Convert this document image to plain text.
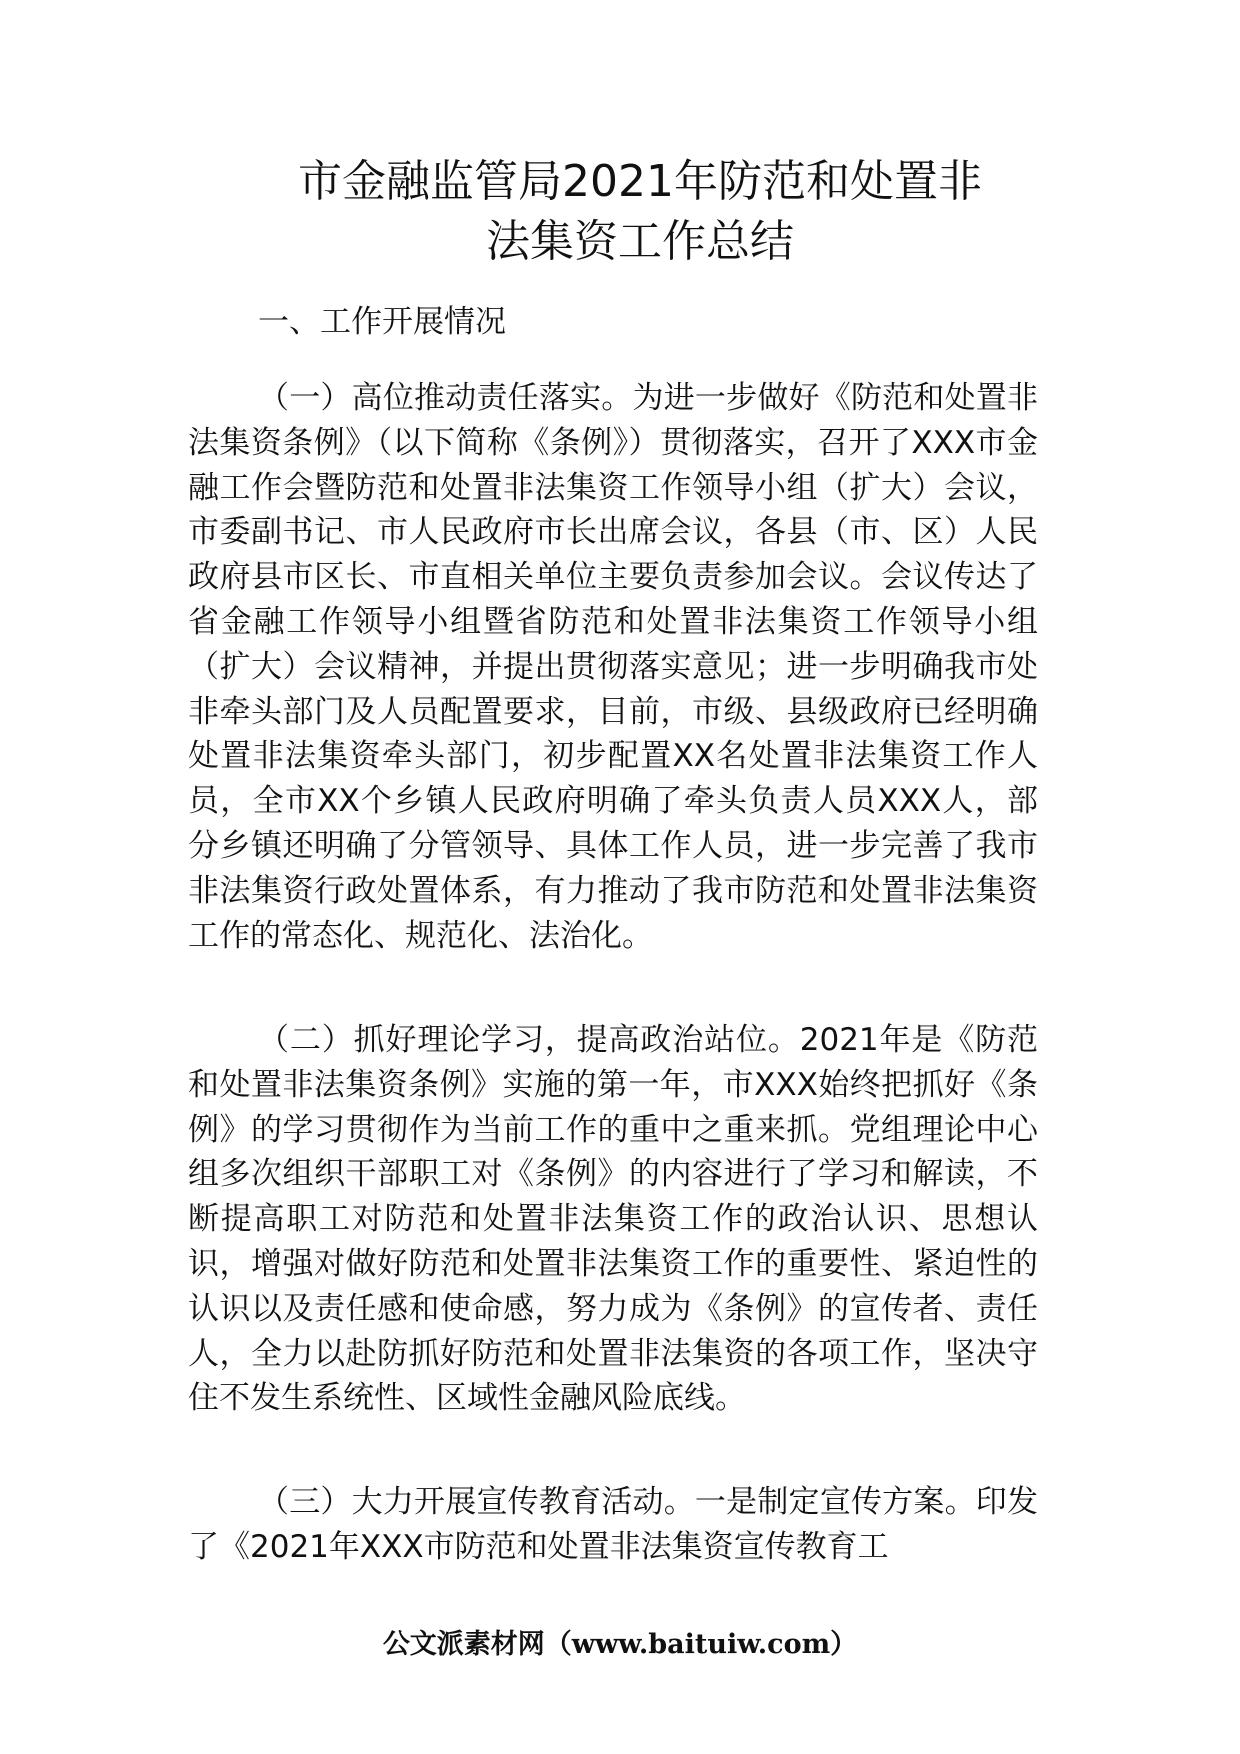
市金融监管局2021年防范和处置非
法集资工作总结

一、工作开展情况

（一）高位推动责任落实。为进一步做好《防范和处置非法集资条例》（以下简称《条例》）贯彻落实，召开了XXX市金融工作会暨防范和处置非法集资工作领导小组（扩大）会议，市委副书记、市人民政府市长出席会议，各县（市、区）人民政府县市区长、市直相关单位主要负责参加会议。会议传达了省金融工作领导小组暨省防范和处置非法集资工作领导小组（扩大）会议精神，并提出贯彻落实意见；进一步明确我市处非牵头部门及人员配置要求，目前，市级、县级政府已经明确处置非法集资牵头部门，初步配置XX名处置非法集资工作人员，全市XX个乡镇人民政府明确了牵头负责人员XXX人，部分乡镇还明确了分管领导、具体工作人员，进一步完善了我市非法集资行政处置体系，有力推动了我市防范和处置非法集资工作的常态化、规范化、法治化。

（二）抓好理论学习，提高政治站位。2021年是《防范和处置非法集资条例》实施的第一年，市XXX始终把抓好《条例》的学习贯彻作为当前工作的重中之重来抓。党组理论中心组多次组织干部职工对《条例》的内容进行了学习和解读，不断提高职工对防范和处置非法集资工作的政治认识、思想认识，增强对做好防范和处置非法集资工作的重要性、紧迫性的认识以及责任感和使命感，努力成为《条例》的宣传者、责任人，全力以赴防抓好防范和处置非法集资的各项工作，坚决守住不发生系统性、区域性金融风险底线。

（三）大力开展宣传教育活动。一是制定宣传方案。印发了《2021年XXX市防范和处置非法集资宣传教育工

公文派素材网（www.baituiw.com）
